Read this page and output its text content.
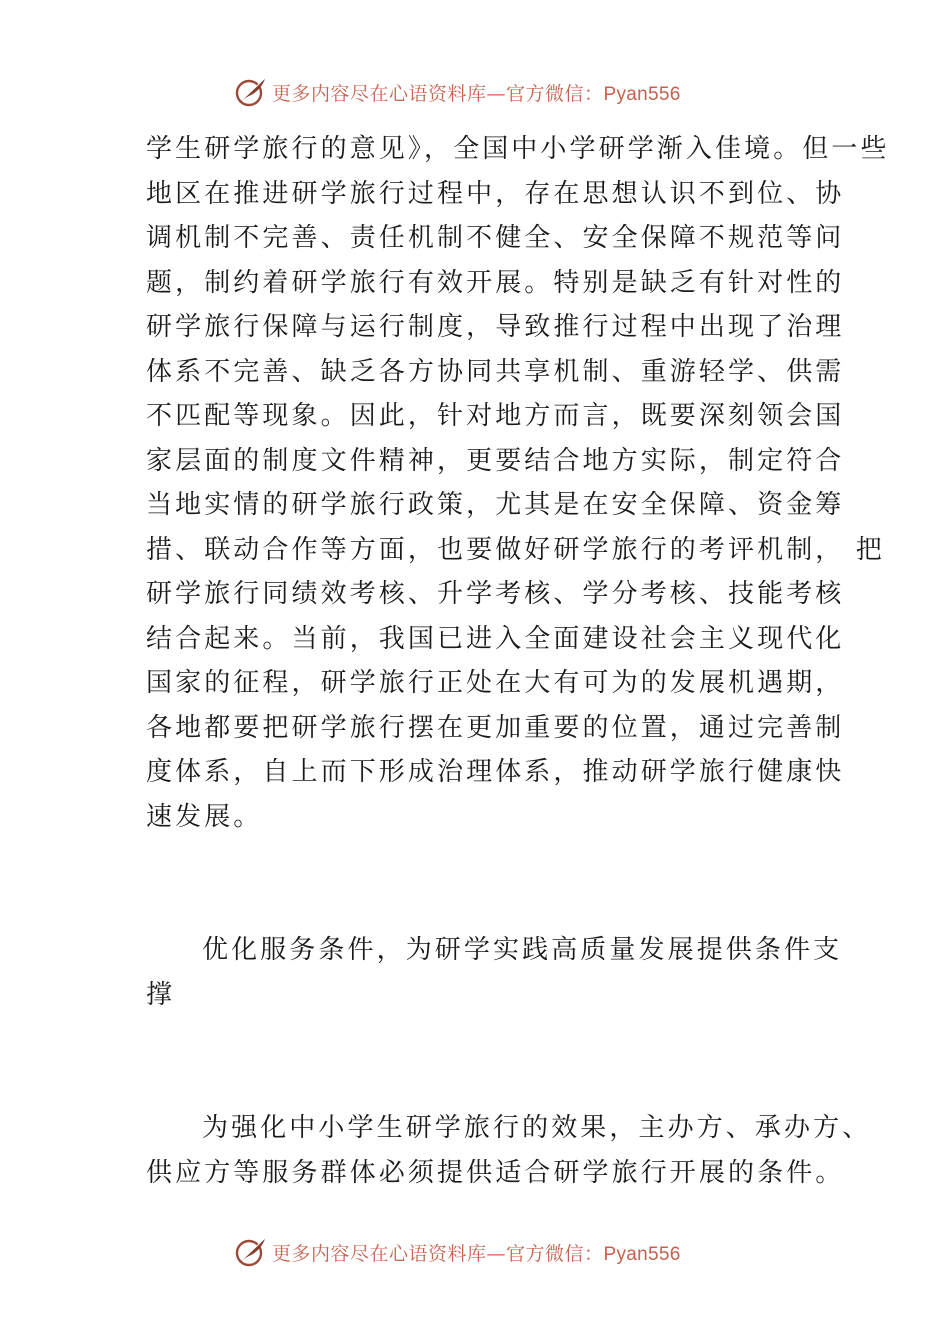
更多内容尽在心语资料库—官方微信：Pyan556
学生研学旅行的意见》，全国中小学研学渐入佳境。但一些
地区在推进研学旅行过程中，存在思想认识不到位、协
调机制不完善、责任机制不健全、安全保障不规范等问
题，制约着研学旅行有效开展。特别是缺乏有针对性的
研学旅行保障与运行制度，导致推行过程中出现了治理
体系不完善、缺乏各方协同共享机制、重游轻学、供需
不匹配等现象。因此，针对地方而言，既要深刻领会国
家层面的制度文件精神，更要结合地方实际，制定符合
当地实情的研学旅行政策，尤其是在安全保障、资金筹
措、联动合作等方面，也要做好研学旅行的考评机制， 把
研学旅行同绩效考核、升学考核、学分考核、技能考核
结合起来。当前，我国已进入全面建设社会主义现代化
国家的征程，研学旅行正处在大有可为的发展机遇期，
各地都要把研学旅行摆在更加重要的位置，通过完善制
度体系，自上而下形成治理体系，推动研学旅行健康快
速发展。
优化服务条件，为研学实践高质量发展提供条件支
撑
为强化中小学生研学旅行的效果，主办方、承办方、
供应方等服务群体必须提供适合研学旅行开展的条件。
更多内容尽在心语资料库—官方微信：Pyan556
